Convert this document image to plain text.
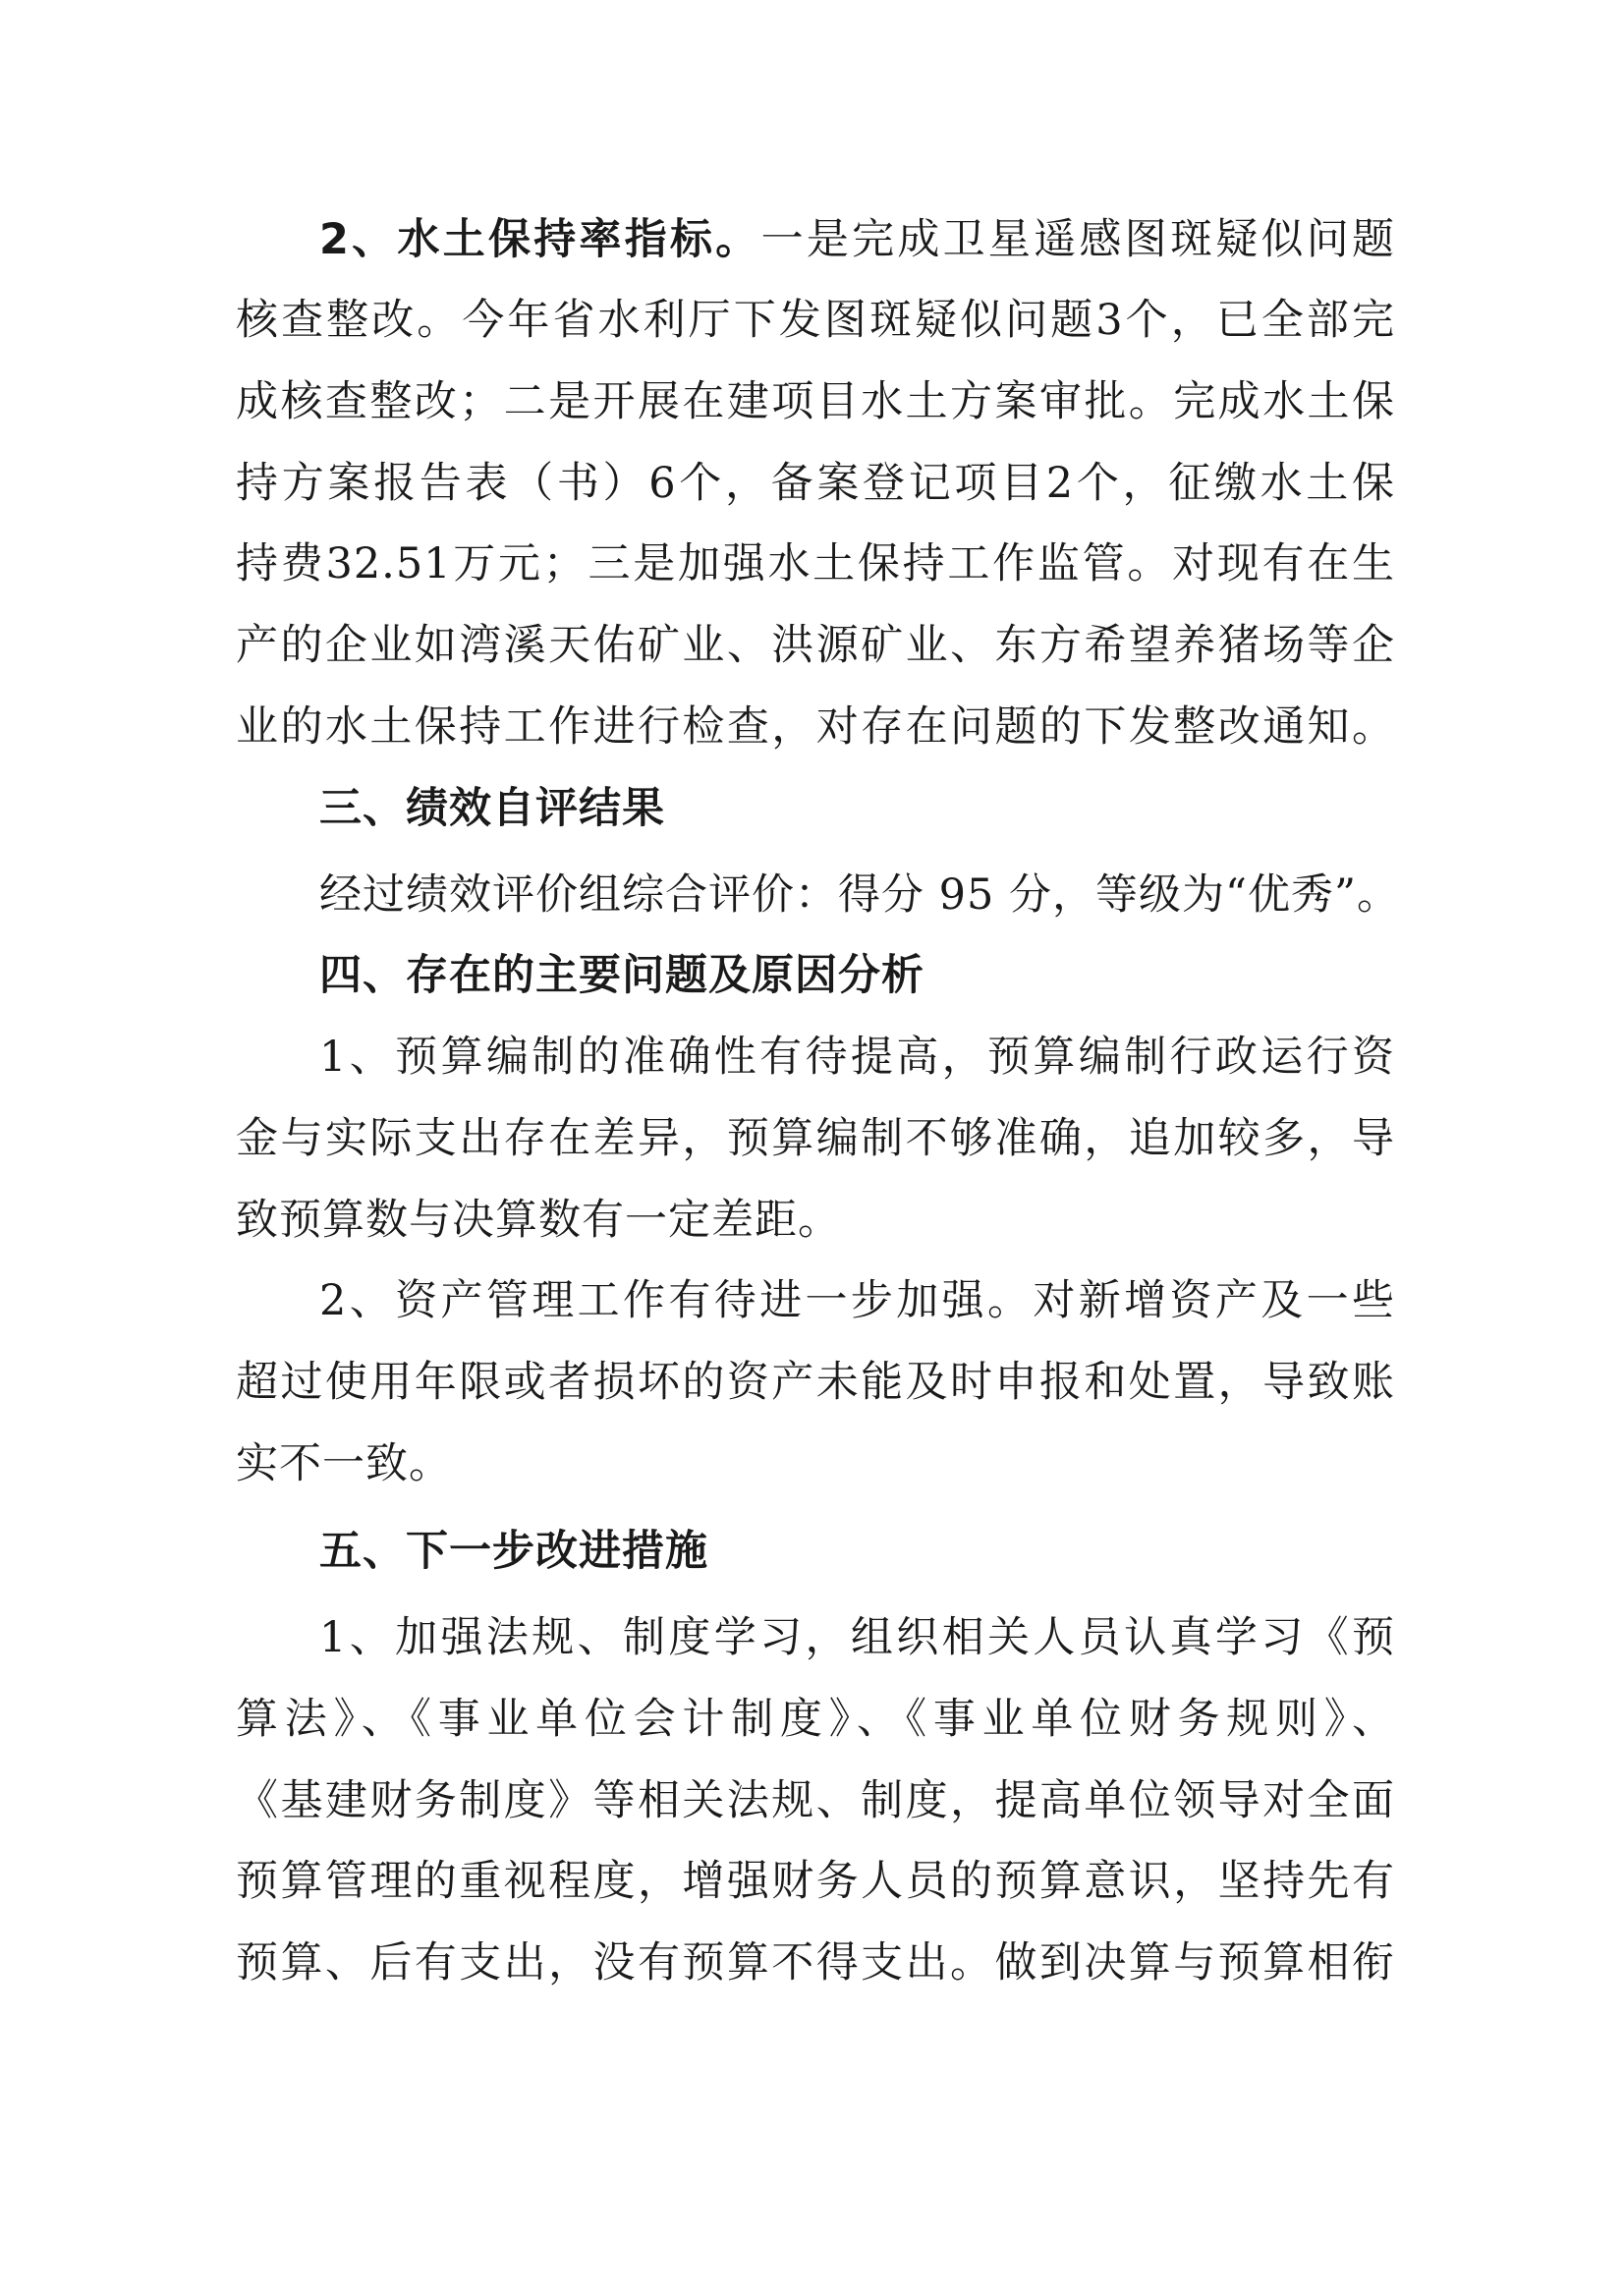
2、水土保持率指标。一是完成卫星遥感图斑疑似问题
核查整改。今年省水利厅下发图斑疑似问题3个，已全部完
成核查整改；二是开展在建项目水土方案审批。完成水土保
持方案报告表（书）6个，备案登记项目2个，征缴水土保
持费32.51万元；三是加强水土保持工作监管。对现有在生
产的企业如湾溪天佑矿业、洪源矿业、东方希望养猪场等企
业的水土保持工作进行检查，对存在问题的下发整改通知。
三、绩效自评结果
经过绩效评价组综合评价：得分 95 分，等级为“优秀”。
四、存在的主要问题及原因分析
1、预算编制的准确性有待提高，预算编制行政运行资
金与实际支出存在差异，预算编制不够准确，追加较多，导
致预算数与决算数有一定差距。
2、资产管理工作有待进一步加强。对新增资产及一些
超过使用年限或者损坏的资产未能及时申报和处置，导致账
实不一致。
五、下一步改进措施
1、加强法规、制度学习，组织相关人员认真学习《预
算法》、《事业单位会计制度》、《事业单位财务规则》、
《基建财务制度》等相关法规、制度，提高单位领导对全面
预算管理的重视程度，增强财务人员的预算意识，坚持先有
预算、后有支出，没有预算不得支出。做到决算与预算相衔
